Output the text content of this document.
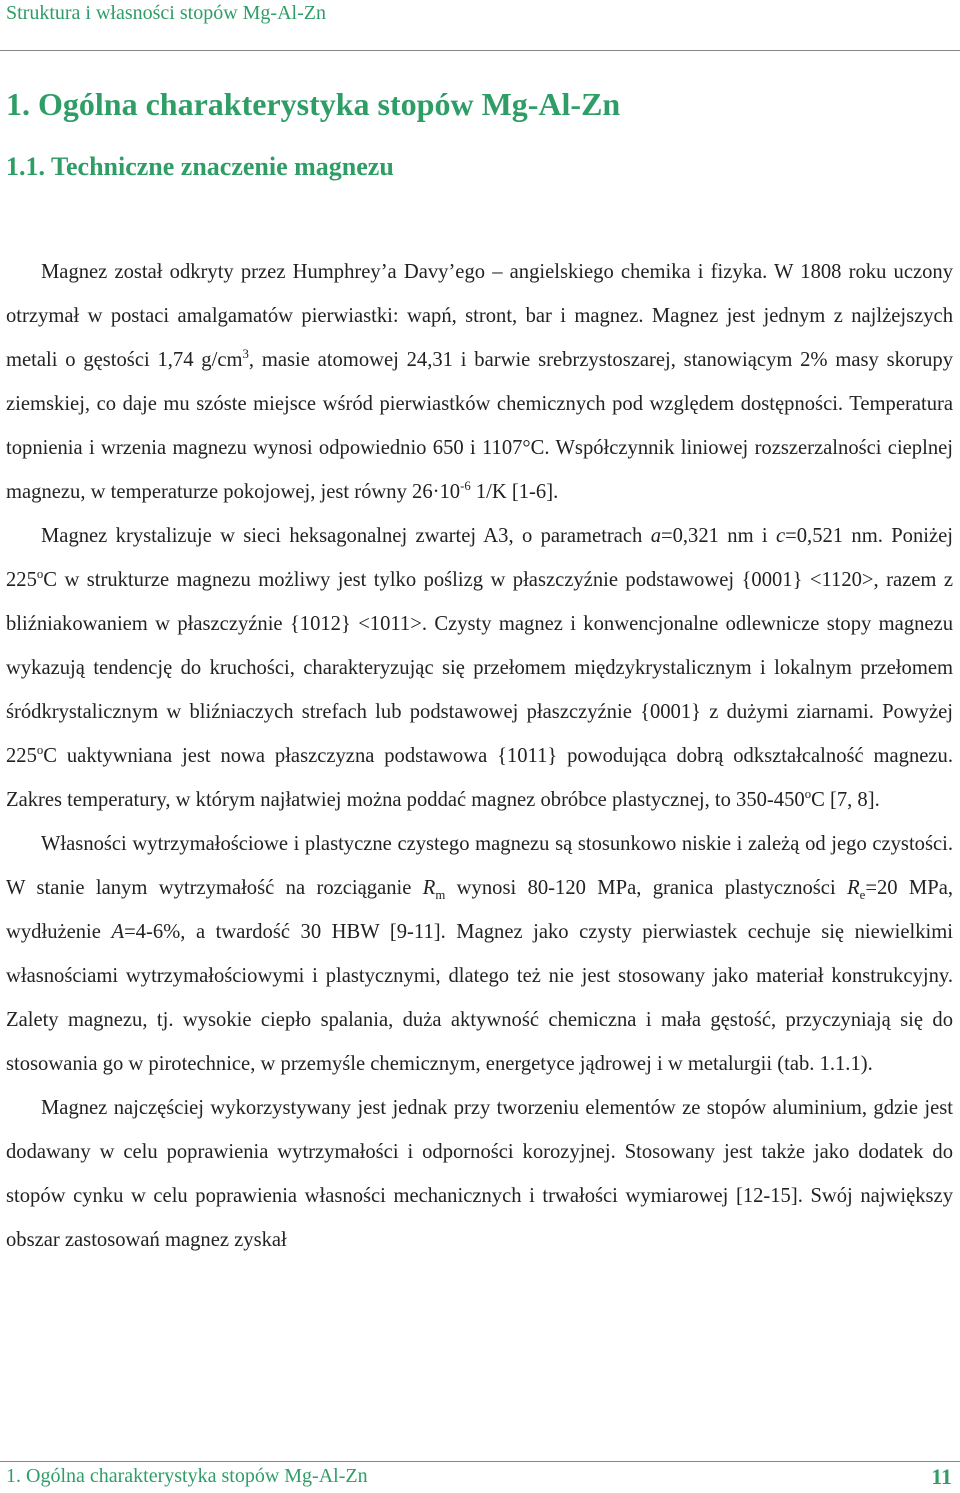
Struktura i własności stopów Mg-Al-Zn
1. Ogólna charakterystyka stopów Mg-Al-Zn
1.1. Techniczne znaczenie magnezu

Magnez został odkryty przez Humphrey’a Davy’ego – angielskiego chemika i fizyka. W 1808 roku uczony otrzymał w postaci amalgamatów pierwiastki: wapń, stront, bar i magnez. Magnez jest jednym z najlżejszych metali o gęstości 1,74 $g/cm^3$, masie atomowej 24,31 i barwie srebrzystoszarej, stanowiącym 2% masy skorupy ziemskiej, co daje mu szóste miejsce wśród pierwiastków chemicznych pod względem dostępności. Temperatura topnienia i wrzenia magnezu wynosi odpowiednio 650 i 1107°C. Współczynnik liniowej rozszerzalności cieplnej magnezu, w temperaturze pokojowej, jest równy $26\cdot 10^{-6}$ 1/K [1-6].

Magnez krystalizuje w sieci heksagonalnej zwartej A3, o parametrach a=0,321 nm i c=0,521 nm. Poniżej 225$^o$C w strukturze magnezu możliwy jest tylko poślizg w płaszczyźnie podstawowej {0001} <1120>, razem z bliźniakowaniem w płaszczyźnie {1012} <1011>. Czysty magnez i konwencjonalne odlewnicze stopy magnezu wykazują tendencję do kruchości, charakteryzując się przełomem międzykrystalicznym i lokalnym przełomem śródkrystalicznym w bliźniaczych strefach lub podstawowej płaszczyźnie {0001} z dużymi ziarnami. Powyżej 225$^o$C uaktywniana jest nowa płaszczyzna podstawowa {1011} powodująca dobrą odkształcalność magnezu. Zakres temperatury, w którym najłatwiej można poddać magnez obróbce plastycznej, to 350-450$^o$C [7, 8].

Własności wytrzymałościowe i plastyczne czystego magnezu są stosunkowo niskie i zależą od jego czystości. W stanie lanym wytrzymałość na rozciąganie $R_m$ wynosi 80-120 MPa, granica plastyczności $R_e=20$ MPa, wydłużenie A=4-6%, a twardość 30 HBW [9-11]. Magnez jako czysty pierwiastek cechuje się niewielkimi własnościami wytrzymałościowymi i plastycznymi, dlatego też nie jest stosowany jako materiał konstrukcyjny. Zalety magnezu, tj. wysokie ciepło spalania, duża aktywność chemiczna i mała gęstość, przyczyniają się do stosowania go w pirotechnice, w przemyśle chemicznym, energetyce jądrowej i w metalurgii (tab. 1.1.1).

Magnez najczęściej wykorzystywany jest jednak przy tworzeniu elementów ze stopów aluminium, gdzie jest dodawany w celu poprawienia wytrzymałości i odporności korozyjnej. Stosowany jest także jako dodatek do stopów cynku w celu poprawienia własności mechanicznych i trwałości wymiarowej [12-15]. Swój największy obszar zastosowań magnez zyskał

1. Ogólna charakterystyka stopów Mg-Al-Zn	11
